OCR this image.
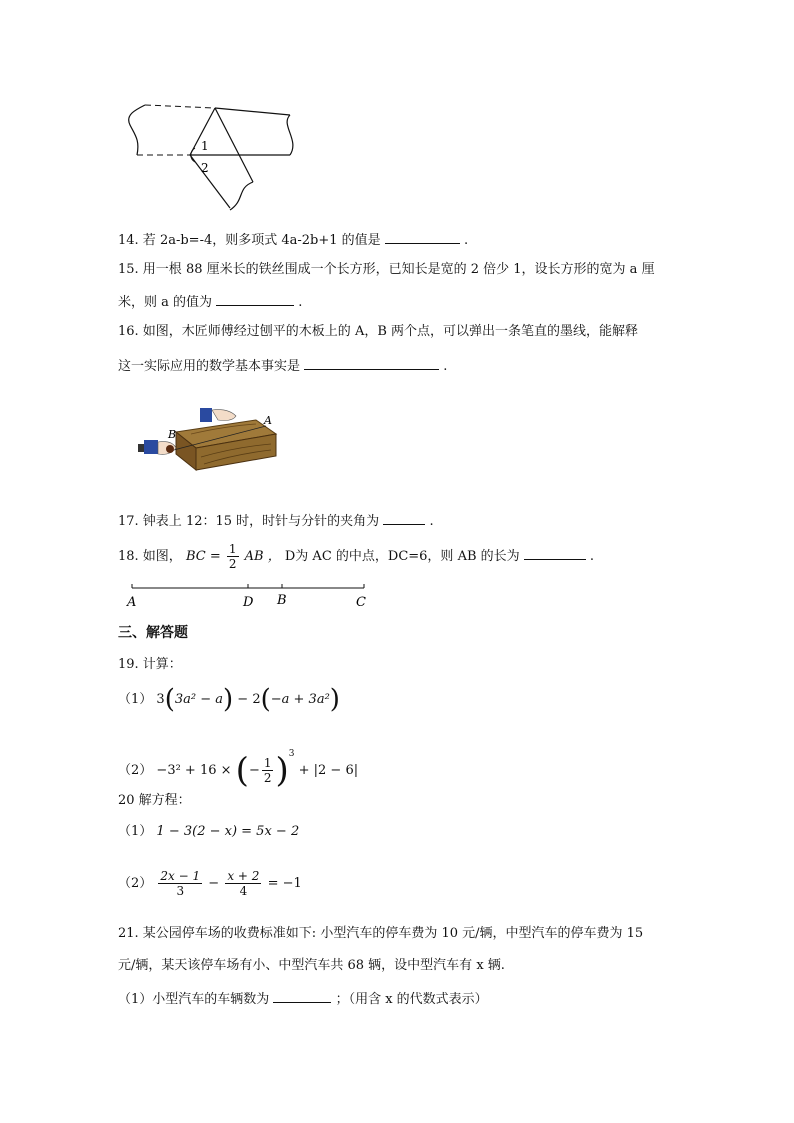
1
2
14. 若 2a-b=-4，则多项式 4a-2b+1 的值是	.
15. 用一根 88 厘米长的铁丝围成一个长方形，已知长是宽的 2 倍少 1，设长方形的宽为 a 厘
米，则 a 的值为	.
16. 如图，木匠师傅经过刨平的木板上的 A，B 两个点，可以弹出一条笔直的墨线，能解释
这一实际应用的数学基本事实是	.
A
B
17. 钟表上 12：15 时，时针与分针的夹角为	.
18. 如图， BC = $\frac{1}{2}$ AB ， D为 AC 的中点，DC=6，则 AB 的长为	.
A	D B	C
三、解答题
19. 计算：
（1） 3(3a² − a) − 2(−a + 3a²)
（2） −3² + 16 × (− $\frac{1}{2} )^3 + |2 - 6|$
20 解方程：
（1） 1 − 3(2 − x) = 5x − 2
$(2) \frac{2x - 1}{3} - \frac{x + 2}{4} = -1$
21. 某公园停车场的收费标准如下: 小型汽车的停车费为 10 元/辆，中型汽车的停车费为 15
元/辆，某天该停车场有小、中型汽车共 68 辆，设中型汽车有 x 辆.
（1）小型汽车的车辆数为	；（用含 x 的代数式表示）
